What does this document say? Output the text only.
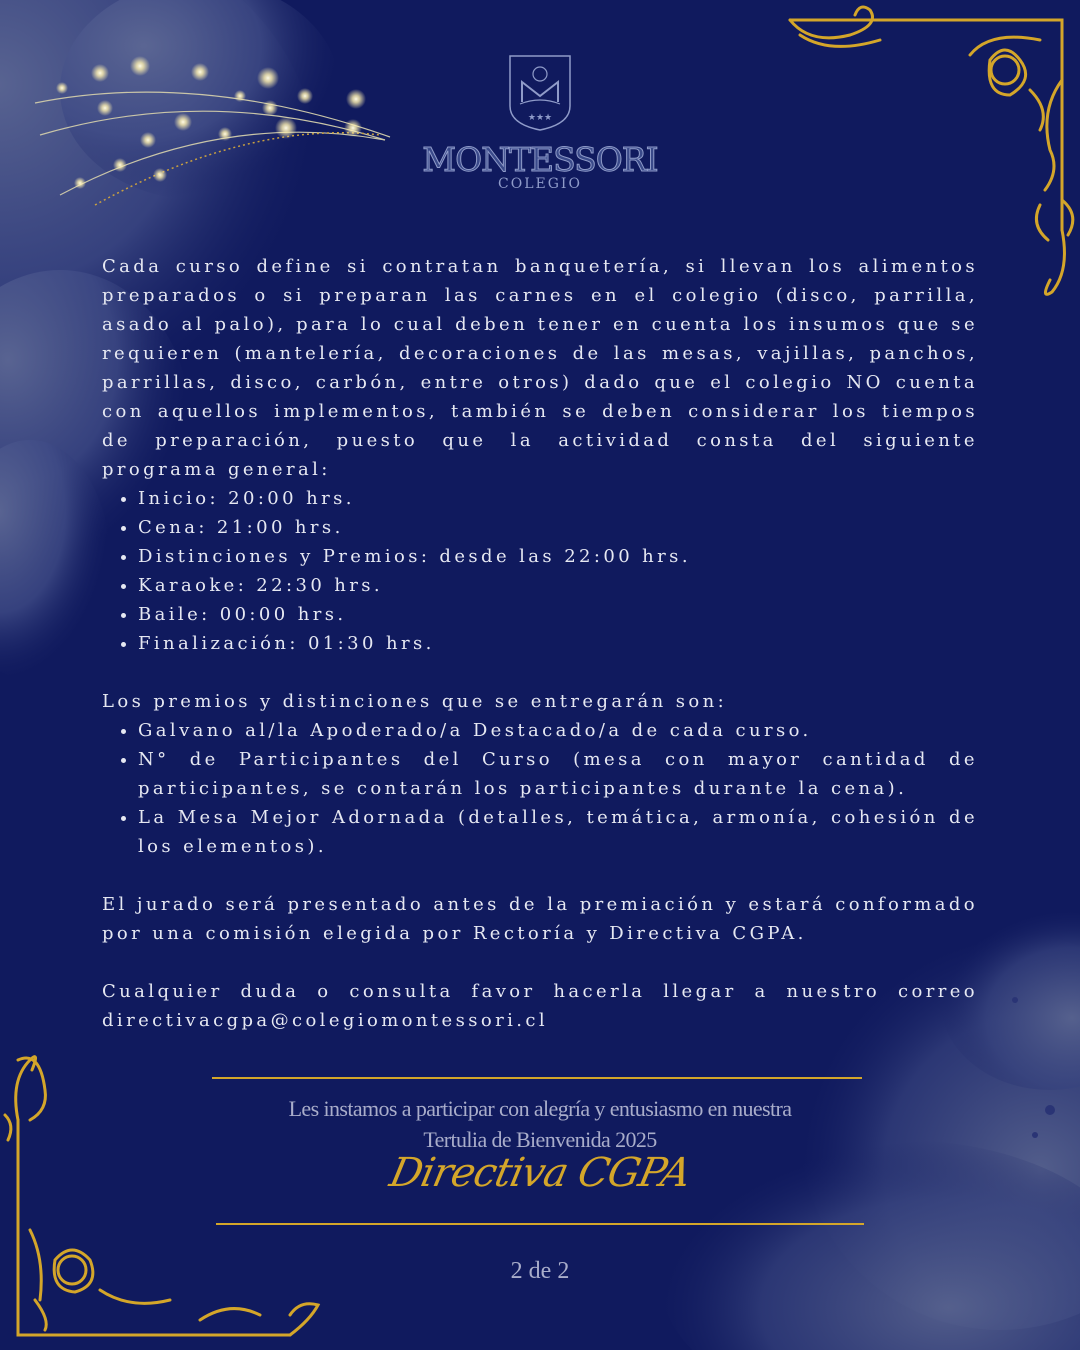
★★★
MONTESSORI
COLEGIO

Cada curso define si contratan banquetería, si llevan los alimentos preparados o si preparan las carnes en el colegio (disco, parrilla, asado al palo), para lo cual deben tener en cuenta los insumos que se requieren (mantelería, decoraciones de las mesas, vajillas, panchos, parrillas, disco, carbón, entre otros) dado que el colegio NO cuenta con aquellos implementos, también se deben considerar los tiempos de preparación, puesto que la actividad consta del siguiente programa general:

• Inicio: 20:00 hrs.
• Cena: 21:00 hrs.
• Distinciones y Premios: desde las 22:00 hrs.
• Karaoke: 22:30 hrs.
• Baile: 00:00 hrs.
• Finalización: 01:30 hrs.

Los premios y distinciones que se entregarán son:

• Galvano al/la Apoderado/a Destacado/a de cada curso.
• N° de Participantes del Curso (mesa con mayor cantidad de participantes, se contarán los participantes durante la cena).
• La Mesa Mejor Adornada (detalles, temática, armonía, cohesión de los elementos).

El jurado será presentado antes de la premiación y estará conformado por una comisión elegida por Rectoría y Directiva CGPA.

Cualquier duda o consulta favor hacerla llegar a nuestro correo directivacgpa@colegiomontessori.cl

Les instamos a participar con alegría y entusiasmo en nuestra
Tertulia de Bienvenida 2025
Directiva CGPA
2 de 2
